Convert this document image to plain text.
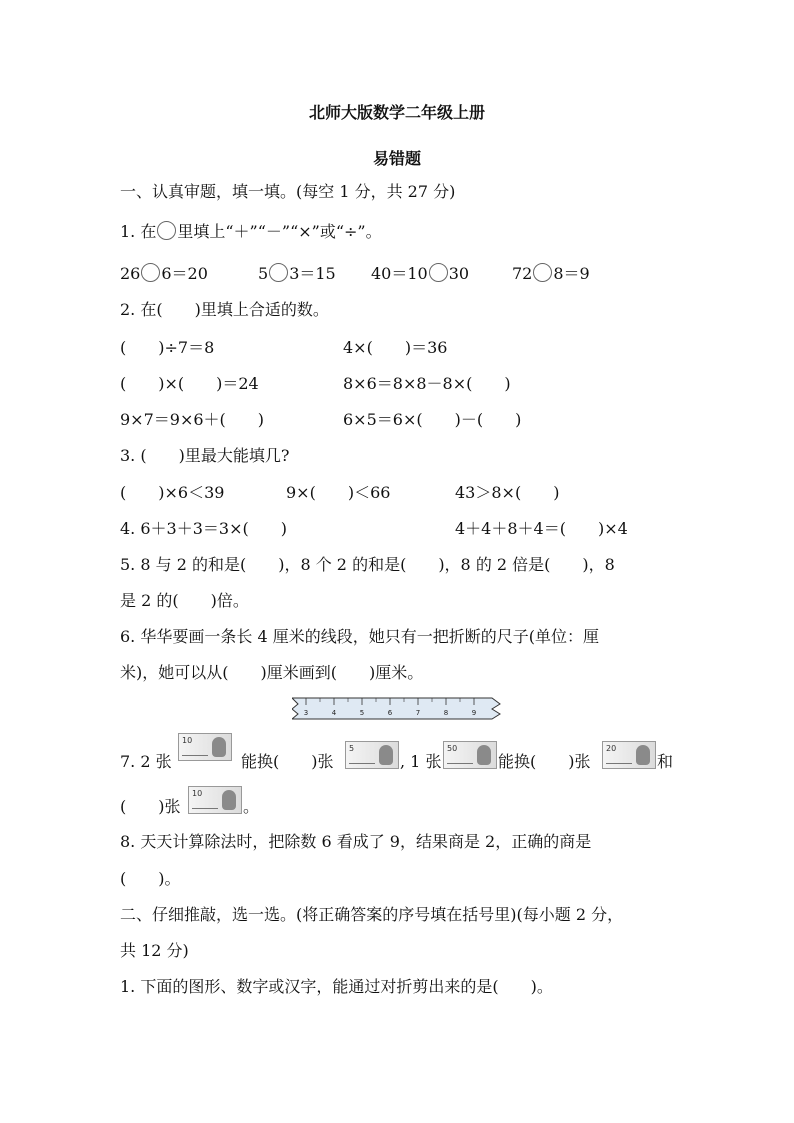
北师大版数学二年级上册
易错题
一、认真审题，填一填。(每空 1 分，共 27 分)
1. 在 里填上“＋”“－”“×”或“÷”。
26 6＝20	5 3＝15 40＝10 30	72 8＝9
2. 在(　　)里填上合适的数。
(　　)÷7＝8	4×(　　)＝36
(　　)×(　　)＝24	8×6＝8×8－8×(　　)
9×7＝9×6＋(　　)	6×5＝6×(　　)－(　　)
3. (　　)里最大能填几?
(　　)×6＜39	9×(　　)＜66	43＞8×(　　)
4. 6＋3＋3＝3×(　　)	4＋4＋8＋4＝(　　)×4
5. 8 与 2 的和是(　　)，8 个 2 的和是(　　)，8 的 2 倍是(　　)，8
是 2 的(　　)倍。
6. 华华要画一条长 4 厘米的线段，她只有一把折断的尺子(单位：厘
米)，她可以从(　　)厘米画到(　　)厘米。
3	4	5	6	7	8	9
7. 2 张
10
能换(　　)张
5
, 1 张
50
能换(　　)张
20
和
(　　)张
10
。
8. 天天计算除法时，把除数 6 看成了 9，结果商是 2，正确的商是
(　　)。
二、仔细推敲，选一选。(将正确答案的序号填在括号里)(每小题 2 分，
共 12 分)
1. 下面的图形、数字或汉字，能通过对折剪出来的是(　　)。
